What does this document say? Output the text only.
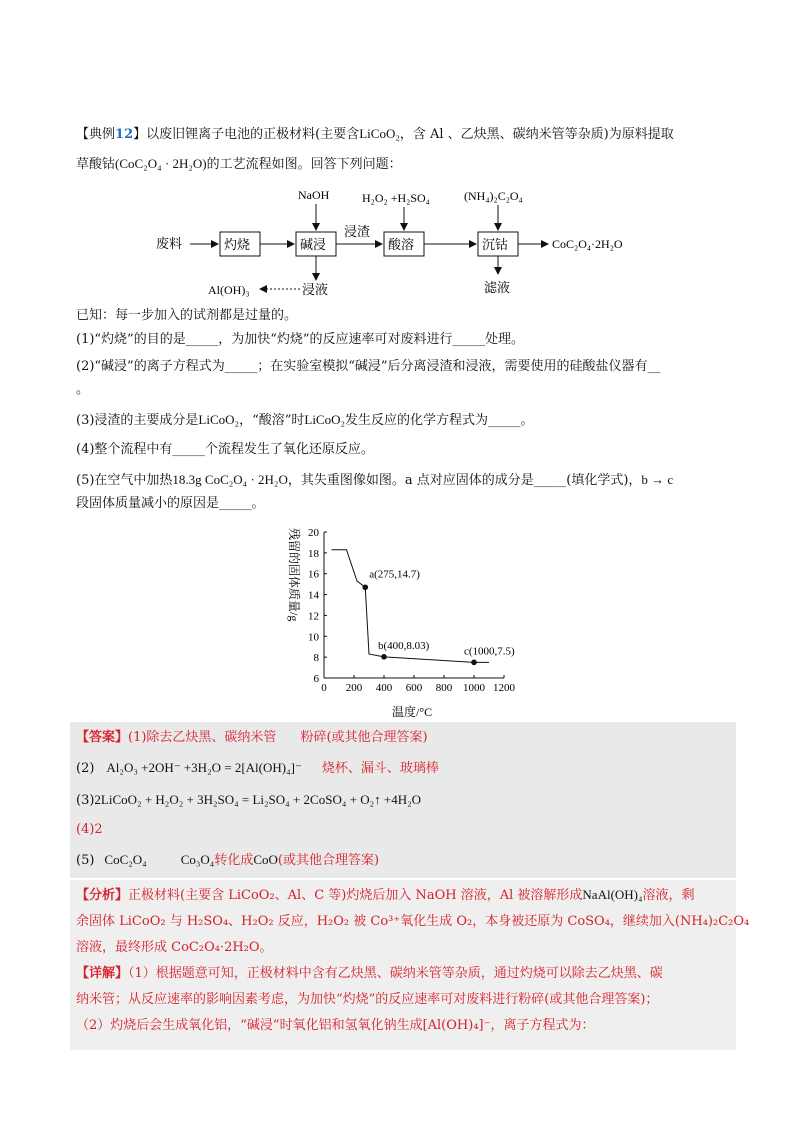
【典例12】以废旧锂离子电池的正极材料(主要含LiCoO₂，含 Al 、乙炔黑、碳纳米管等杂质)为原料提取
草酸钴(CoC₂O₄ · 2H₂O)的工艺流程如图。回答下列问题：
废料	灼烧	碱浸
NaOH
浸液
Al(OH)₃
浸渣
酸溶
H₂O₂ +H₂SO₄
沉钴
(NH₄)₂C₂O₄
滤液
CoC₂O₄·2H₂O
已知：每一步加入的试剂都是过量的。
(1)“灼烧”的目的是_____，为加快“灼烧”的反应速率可对废料进行_____处理。
(2)“碱浸”的离子方程式为_____；在实验室模拟“碱浸”后分离浸渣和浸液，需要使用的硅酸盐仪器有__
。
(3)浸渣的主要成分是LiCoO₂，“酸溶”时LiCoO₂发生反应的化学方程式为_____。
(4)整个流程中有_____个流程发生了氧化还原反应。
(5)在空气中加热18.3g CoC₂O₄ · 2H₂O，其失重图像如图。a 点对应固体的成分是_____(填化学式)，b → c
段固体质量减小的原因是_____。
残留的固体质量/g
温度/°C
0 200 400 600 800 1000 1200
6
8
10
12
14
16
18
20
a(275,14.7)
b(400,8.03)	c(1000,7.5)
【答案】(1)除去乙炔黑、碳纳米管 粉碎(或其他合理答案)
(2) Al₂O₃ +2OH⁻ +3H₂O = 2[Al(OH)₄]⁻ 烧杯、漏斗、玻璃棒
(3)2LiCoO₂ + H₂O₂ + 3H₂SO₄ = Li₂SO₄ + 2CoSO₄ + O₂↑ +4H₂O
(4)2
(5) CoC₂O₄	Co₃O₄转化成CoO(或其他合理答案)
【分析】正极材料(主要含 LiCoO₂、Al、C 等)灼烧后加入 NaOH 溶液，Al 被溶解形成NaAl(OH)₄溶液，剩
余固体 LiCoO₂ 与 H₂SO₄、H₂O₂ 反应，H₂O₂ 被 Co³⁺氧化生成 O₂，本身被还原为 CoSO₄，继续加入(NH₄)₂C₂O₄
溶液，最终形成 CoC₂O₄·2H₂O。
【详解】（1）根据题意可知，正极材料中含有乙炔黑、碳纳米管等杂质，通过灼烧可以除去乙炔黑、碳
纳米管；从反应速率的影响因素考虑，为加快“灼烧”的反应速率可对废料进行粉碎(或其他合理答案)；
（2）灼烧后会生成氧化铝，“碱浸”时氧化铝和氢氧化钠生成[Al(OH)₄]⁻，离子方程式为：
